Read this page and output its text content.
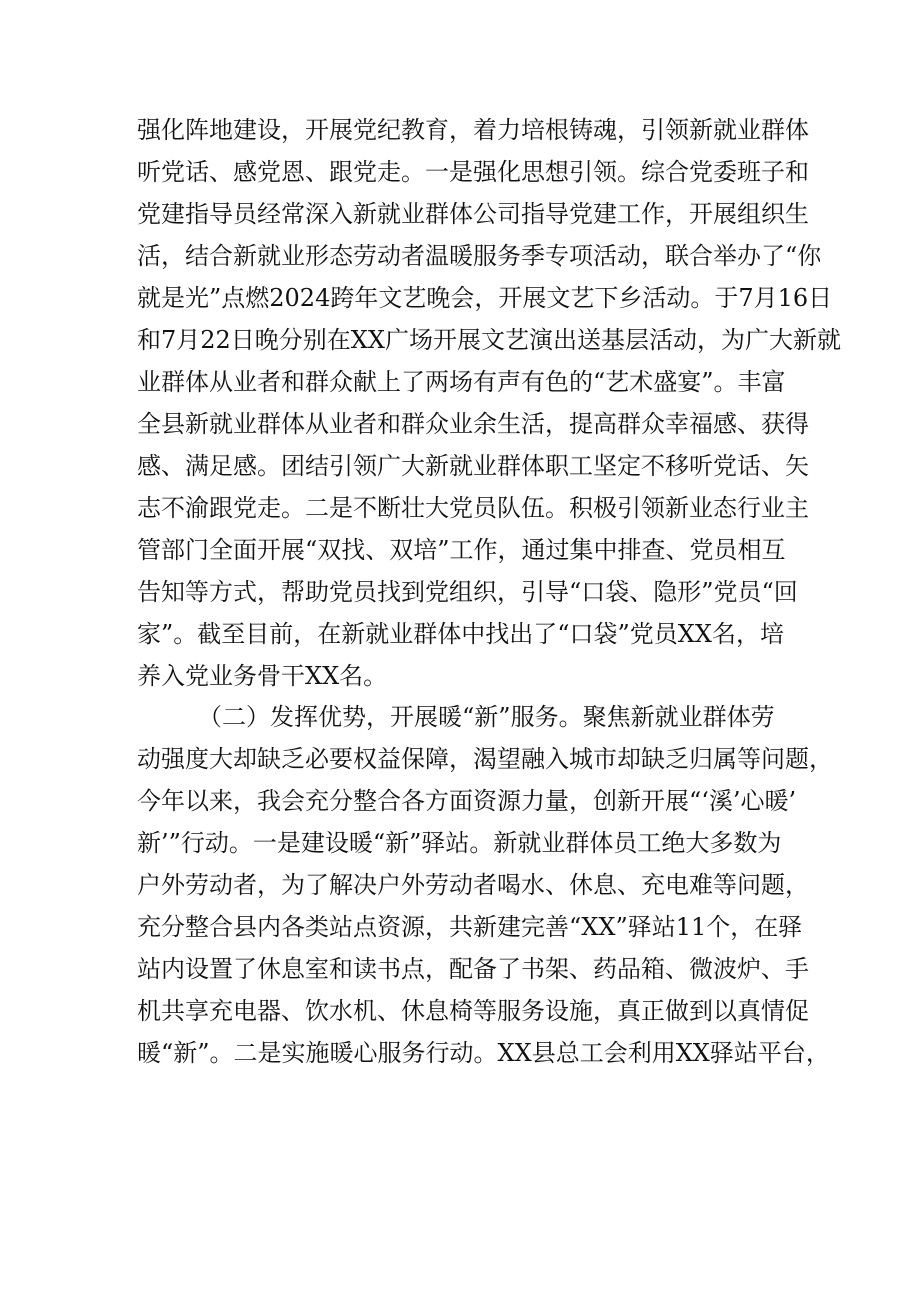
强化阵地建设，开展党纪教育，着力培根铸魂，引领新就业群体
听党话、感党恩、跟党走。一是强化思想引领。综合党委班子和
党建指导员经常深入新就业群体公司指导党建工作，开展组织生
活，结合新就业形态劳动者温暖服务季专项活动，联合举办了“你
就是光”点燃2024跨年文艺晚会，开展文艺下乡活动。于7月16日
和7月22日晚分别在XX广场开展文艺演出送基层活动，为广大新就
业群体从业者和群众献上了两场有声有色的“艺术盛宴”。丰富
全县新就业群体从业者和群众业余生活，提高群众幸福感、获得
感、满足感。团结引领广大新就业群体职工坚定不移听党话、矢
志不渝跟党走。二是不断壮大党员队伍。积极引领新业态行业主
管部门全面开展“双找、双培”工作，通过集中排查、党员相互
告知等方式，帮助党员找到党组织，引导“口袋、隐形”党员“回
家”。截至目前，在新就业群体中找出了“口袋”党员XX名，培
养入党业务骨干XX名。
（二）发挥优势，开展暖“新”服务。聚焦新就业群体劳
动强度大却缺乏必要权益保障，渴望融入城市却缺乏归属等问题，
今年以来，我会充分整合各方面资源力量，创新开展“‘溪’心暖’
新’”行动。一是建设暖“新”驿站。新就业群体员工绝大多数为
户外劳动者，为了解决户外劳动者喝水、休息、充电难等问题，
充分整合县内各类站点资源，共新建完善“XX”驿站11个，在驿
站内设置了休息室和读书点，配备了书架、药品箱、微波炉、手
机共享充电器、饮水机、休息椅等服务设施，真正做到以真情促
暖“新”。二是实施暖心服务行动。XX县总工会利用XX驿站平台，
